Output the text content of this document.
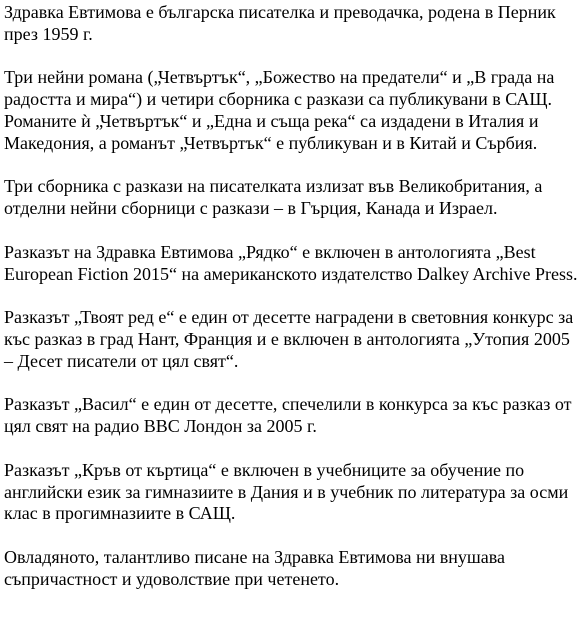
Здравка Евтимова е българска писателка и преводачка, родена в Перник през 1959 г.

Три нейни романа („Четвъртък“, „Божество на предатели“ и „В града на радостта и мира“) и четири сборника с разкази са публикувани в САЩ. Романите ѝ „Четвъртък“ и „Една и съща река“ са издадени в Италия и Македония, а романът „Четвъртък“ е публикуван и в Китай и Сърбия.

Три сборника с разкази на писателката излизат във Великобритания, а отделни нейни сборници с разкази – в Гърция, Канада и Израел.

Разказът на Здравка Евтимова „Рядко“ е включен в антологията „Best European Fiction 2015“ на американското издателство Dalkey Archive Press.

Разказът „Твоят ред е“ е един от десетте наградени в световния конкурс за къс разказ в град Нант, Франция и е включен в антологията „Утопия 2005 – Десет писатели от цял свят“.

Разказът „Васил“ е един от десетте, спечелили в конкурса за къс разказ от цял свят на радио BBC Лондон за 2005 г.

Разказът „Кръв от къртица“ е включен в учебниците за обучение по английски език за гимназиите в Дания и в учебник по литература за осми клас в прогимназиите в САЩ.

Овладяното, талантливо писане на Здравка Евтимова ни внушава съпричастност и удоволствие при четенето.
